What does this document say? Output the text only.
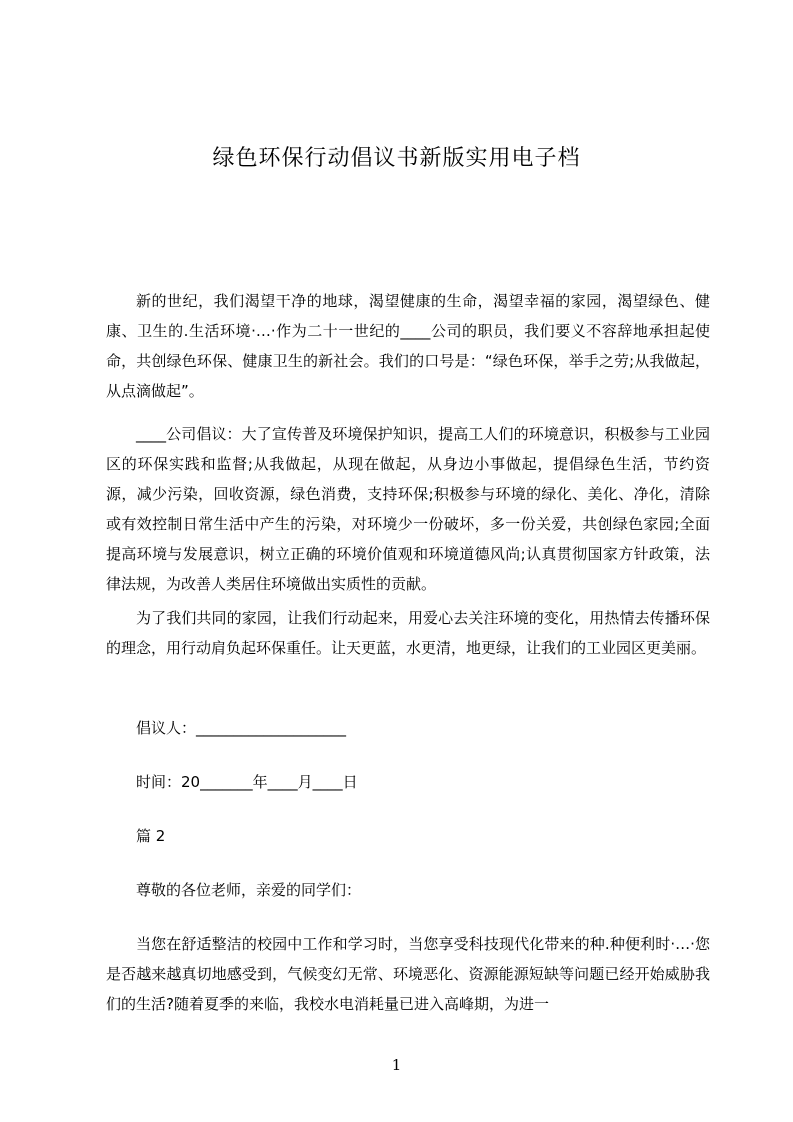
绿色环保行动倡议书新版实用电子档

新的世纪，我们渴望干净的地球，渴望健康的生命，渴望幸福的家园，渴望绿色、健康、卫生的.生活环境·…·作为二十一世纪的____公司的职员，我们要义不容辞地承担起使命，共创绿色环保、健康卫生的新社会。我们的口号是：“绿色环保，举手之劳;从我做起，从点滴做起”。

____公司倡议：大了宣传普及环境保护知识，提高工人们的环境意识，积极参与工业园区的环保实践和监督;从我做起，从现在做起，从身边小事做起，提倡绿色生活，节约资源，减少污染，回收资源，绿色消费，支持环保;积极参与环境的绿化、美化、净化，清除或有效控制日常生活中产生的污染，对环境少一份破坏，多一份关爱，共创绿色家园;全面提高环境与发展意识，树立正确的环境价值观和环境道德风尚;认真贯彻国家方针政策，法律法规，为改善人类居住环境做出实质性的贡献。

为了我们共同的家园，让我们行动起来，用爱心去关注环境的变化，用热情去传播环保的理念，用行动肩负起环保重任。让天更蓝，水更清，地更绿，让我们的工业园区更美丽。

倡议人：____________________

时间：20_______年____月____日

篇 2

尊敬的各位老师，亲爱的同学们：

当您在舒适整洁的校园中工作和学习时，当您享受科技现代化带来的种.种便利时·…·您是否越来越真切地感受到，气候变幻无常、环境恶化、资源能源短缺等问题已经开始威胁我们的生活?随着夏季的来临，我校水电消耗量已进入高峰期，为进一

1
